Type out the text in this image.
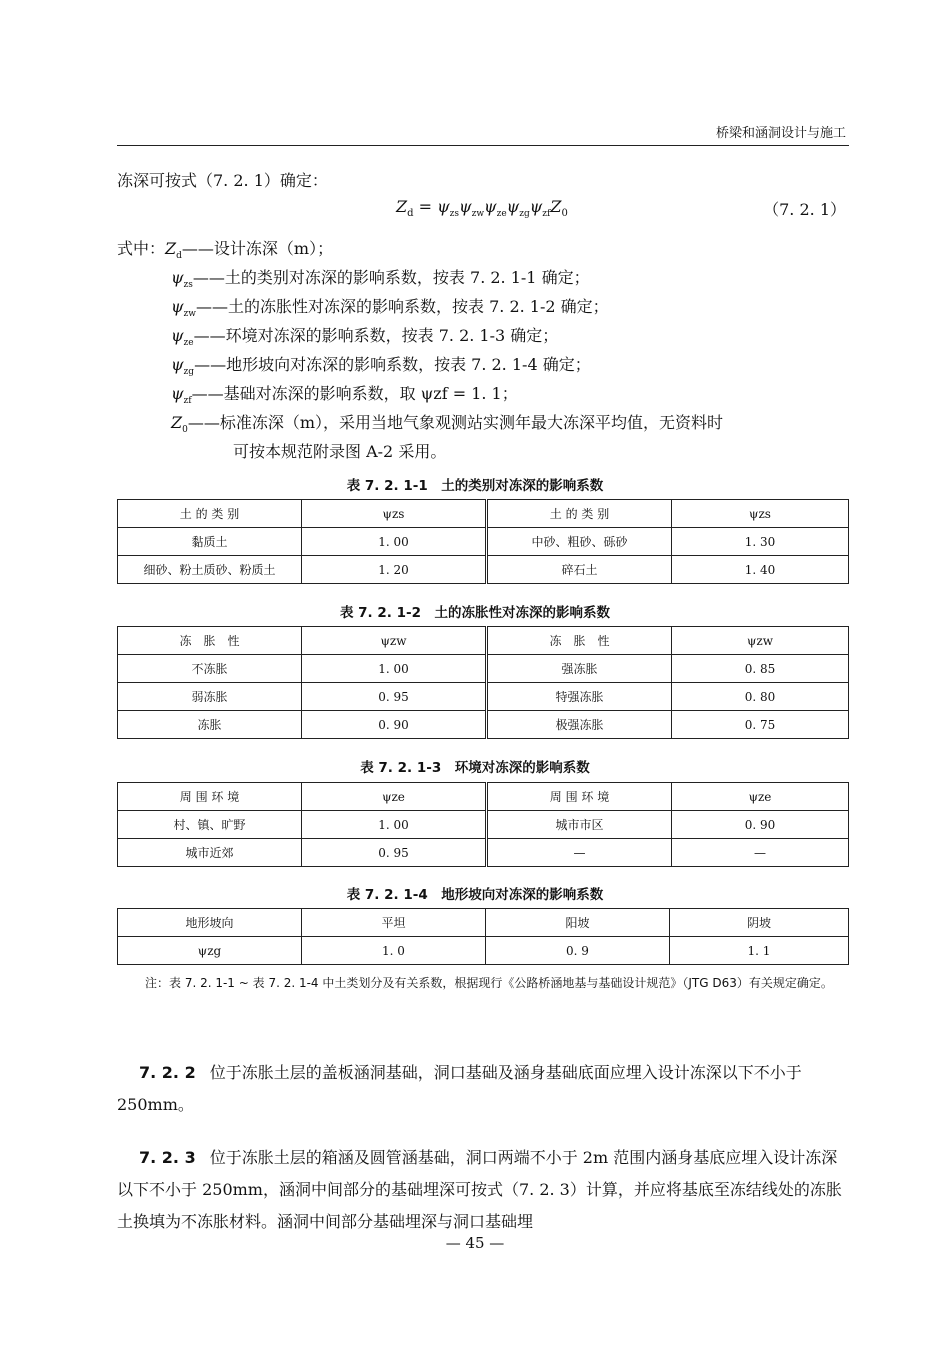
桥梁和涵洞设计与施工
冻深可按式（7. 2. 1）确定：
$Z_d = \psi_{zs}\psi_{zw}\psi_{ze}\psi_{zg}\psi_{zf}Z_0$	（7. 2. 1）
式中：$Z_d——$设计冻深（m）；
$\psi_{zs}——$土的类别对冻深的影响系数，按表 7. 2. 1-1 确定；
$\psi_{zw}——$土的冻胀性对冻深的影响系数，按表 7. 2. 1-2 确定；
$\psi_{ze}——$环境对冻深的影响系数，按表 7. 2. 1-3 确定；
$\psi_{zg}——$地形坡向对冻深的影响系数，按表 7. 2. 1-4 确定；
$\psi_{zf}——$基础对冻深的影响系数，取 ψzf = 1. 1；
$Z_0——$标准冻深（m），采用当地气象观测站实测年最大冻深平均值，无资料时
可按本规范附录图 A-2 采用。
表 7. 2. 1-1　土的类别对冻深的影响系数
土 的 类 别	ψzs	土 的 类 别	ψzs
黏质土	1. 00	中砂、粗砂、砾砂	1. 30
细砂、粉土质砂、粉质土	1. 20	碎石土	1. 40
表 7. 2. 1-2　土的冻胀性对冻深的影响系数
冻　胀　性	ψzw	冻　胀　性	ψzw
不冻胀	1. 00	强冻胀	0. 85
弱冻胀	0. 95	特强冻胀	0. 80
冻胀	0. 90	极强冻胀	0. 75
表 7. 2. 1-3　环境对冻深的影响系数
周 围 环 境	ψze	周 围 环 境	ψze
村、镇、旷野	1. 00	城市市区	0. 90
城市近郊	0. 95	—	—
表 7. 2. 1-4　地形坡向对冻深的影响系数
地形坡向	平坦	阳坡	阴坡
ψzg	1. 0	0. 9	1. 1
注：表 7. 2. 1-1 ~ 表 7. 2. 1-4 中土类划分及有关系数，根据现行《公路桥涵地基与基础设计规范》（JTG D63）有关规定确定。
7. 2. 2 位于冻胀土层的盖板涵洞基础，洞口基础及涵身基础底面应埋入设计冻深以下不小于 250mm。
7. 2. 3 位于冻胀土层的箱涵及圆管涵基础，洞口两端不小于 2m 范围内涵身基底应埋入设计冻深以下不小于 250mm，涵洞中间部分的基础埋深可按式（7. 2. 3）计算，并应将基底至冻结线处的冻胀土换填为不冻胀材料。涵洞中间部分基础埋深与洞口基础埋
— 45 —
